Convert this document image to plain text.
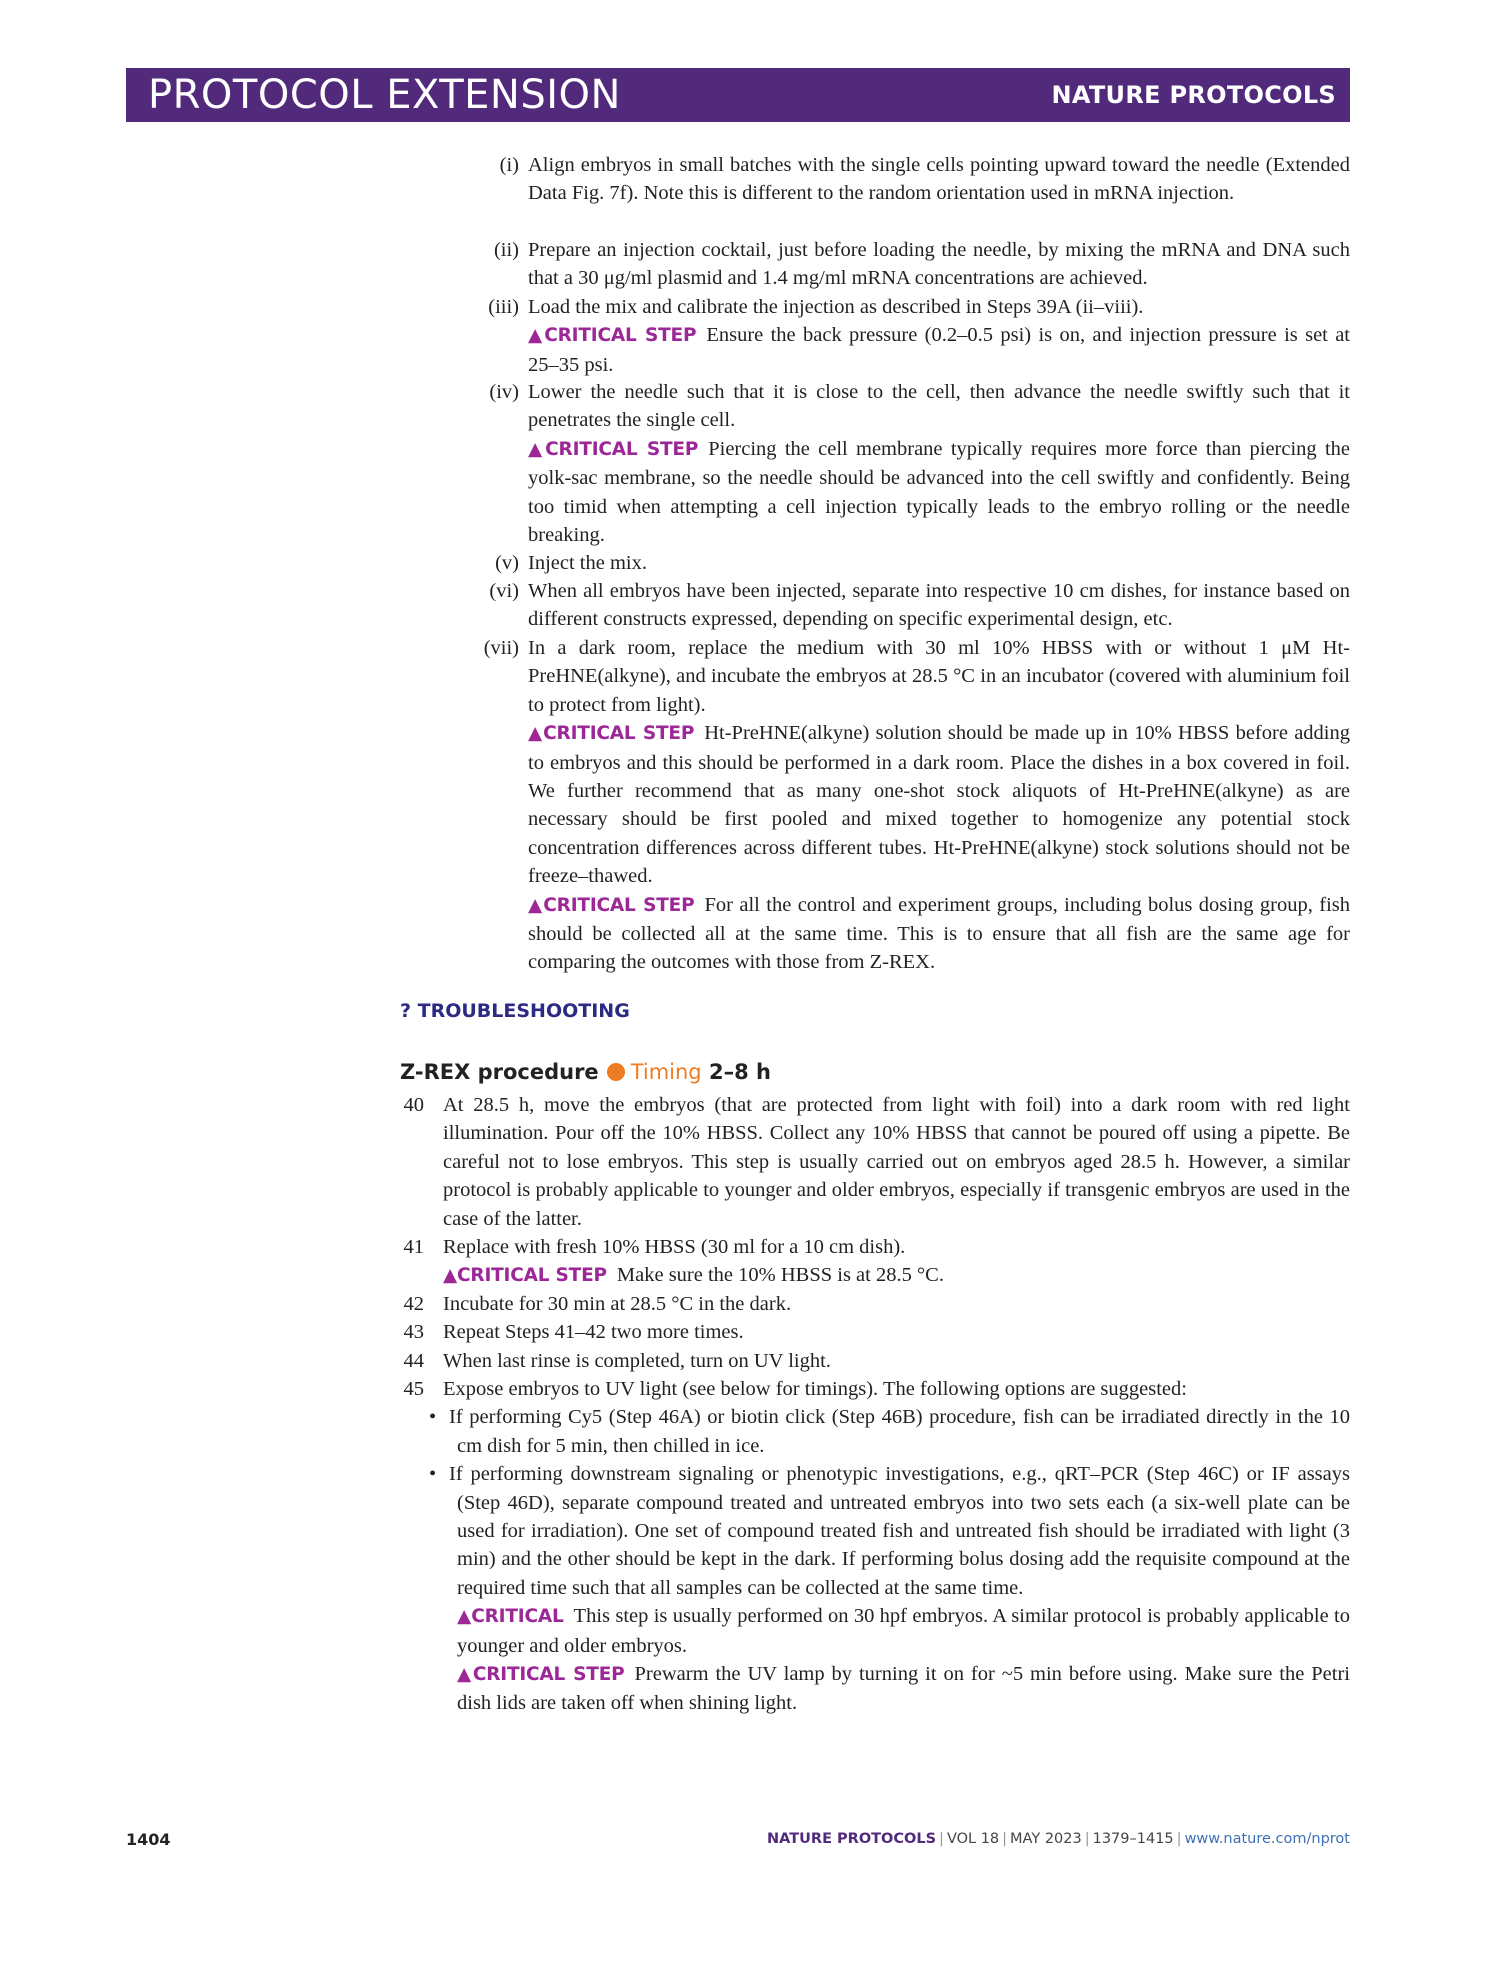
PROTOCOL EXTENSION	NATURE PROTOCOLS
(i) Align embryos in small batches with the single cells pointing upward toward the needle (Extended Data Fig. 7f). Note this is different to the random orientation used in mRNA injection.
(ii) Prepare an injection cocktail, just before loading the needle, by mixing the mRNA and DNA such that a 30 μg/ml plasmid and 1.4 mg/ml mRNA concentrations are achieved.
(iii) Load the mix and calibrate the injection as described in Steps 39A (ii–viii).
▲CRITICAL STEP Ensure the back pressure (0.2–0.5 psi) is on, and injection pressure is set at 25–35 psi.
(iv) Lower the needle such that it is close to the cell, then advance the needle swiftly such that it penetrates the single cell.
▲CRITICAL STEP Piercing the cell membrane typically requires more force than piercing the yolk-sac membrane, so the needle should be advanced into the cell swiftly and confidently. Being too timid when attempting a cell injection typically leads to the embryo rolling or the needle breaking.
(v) Inject the mix.
(vi) When all embryos have been injected, separate into respective 10 cm dishes, for instance based on different constructs expressed, depending on specific experimental design, etc.
(vii) In a dark room, replace the medium with 30 ml 10% HBSS with or without 1 μM Ht-PreHNE(alkyne), and incubate the embryos at 28.5 °C in an incubator (covered with aluminium foil to protect from light).
▲CRITICAL STEP Ht-PreHNE(alkyne) solution should be made up in 10% HBSS before adding to embryos and this should be performed in a dark room. Place the dishes in a box covered in foil. We further recommend that as many one-shot stock aliquots of Ht-PreHNE(alkyne) as are necessary should be first pooled and mixed together to homogenize any potential stock concentration differences across different tubes. Ht-PreHNE(alkyne) stock solutions should not be freeze–thawed.
▲CRITICAL STEP For all the control and experiment groups, including bolus dosing group, fish should be collected all at the same time. This is to ensure that all fish are the same age for comparing the outcomes with those from Z-REX.
? TROUBLESHOOTING
Z-REX procedure Timing 2–8 h
40 At 28.5 h, move the embryos (that are protected from light with foil) into a dark room with red light illumination. Pour off the 10% HBSS. Collect any 10% HBSS that cannot be poured off using a pipette. Be careful not to lose embryos. This step is usually carried out on embryos aged 28.5 h. However, a similar protocol is probably applicable to younger and older embryos, especially if transgenic embryos are used in the case of the latter.
41 Replace with fresh 10% HBSS (30 ml for a 10 cm dish).
▲CRITICAL STEP Make sure the 10% HBSS is at 28.5 °C.
42 Incubate for 30 min at 28.5 °C in the dark.
43 Repeat Steps 41–42 two more times.
44 When last rinse is completed, turn on UV light.
45 Expose embryos to UV light (see below for timings). The following options are suggested:
• If performing Cy5 (Step 46A) or biotin click (Step 46B) procedure, fish can be irradiated directly in the 10 cm dish for 5 min, then chilled in ice.
• If performing downstream signaling or phenotypic investigations, e.g., qRT–PCR (Step 46C) or IF assays (Step 46D), separate compound treated and untreated embryos into two sets each (a six-well plate can be used for irradiation). One set of compound treated fish and untreated fish should be irradiated with light (3 min) and the other should be kept in the dark. If performing bolus dosing add the requisite compound at the required time such that all samples can be collected at the same time.
▲CRITICAL This step is usually performed on 30 hpf embryos. A similar protocol is probably applicable to younger and older embryos.
▲CRITICAL STEP Prewarm the UV lamp by turning it on for ~5 min before using. Make sure the Petri dish lids are taken off when shining light.
1404	NATURE PROTOCOLS | VOL 18 | MAY 2023 | 1379–1415 | www.nature.com/nprot
